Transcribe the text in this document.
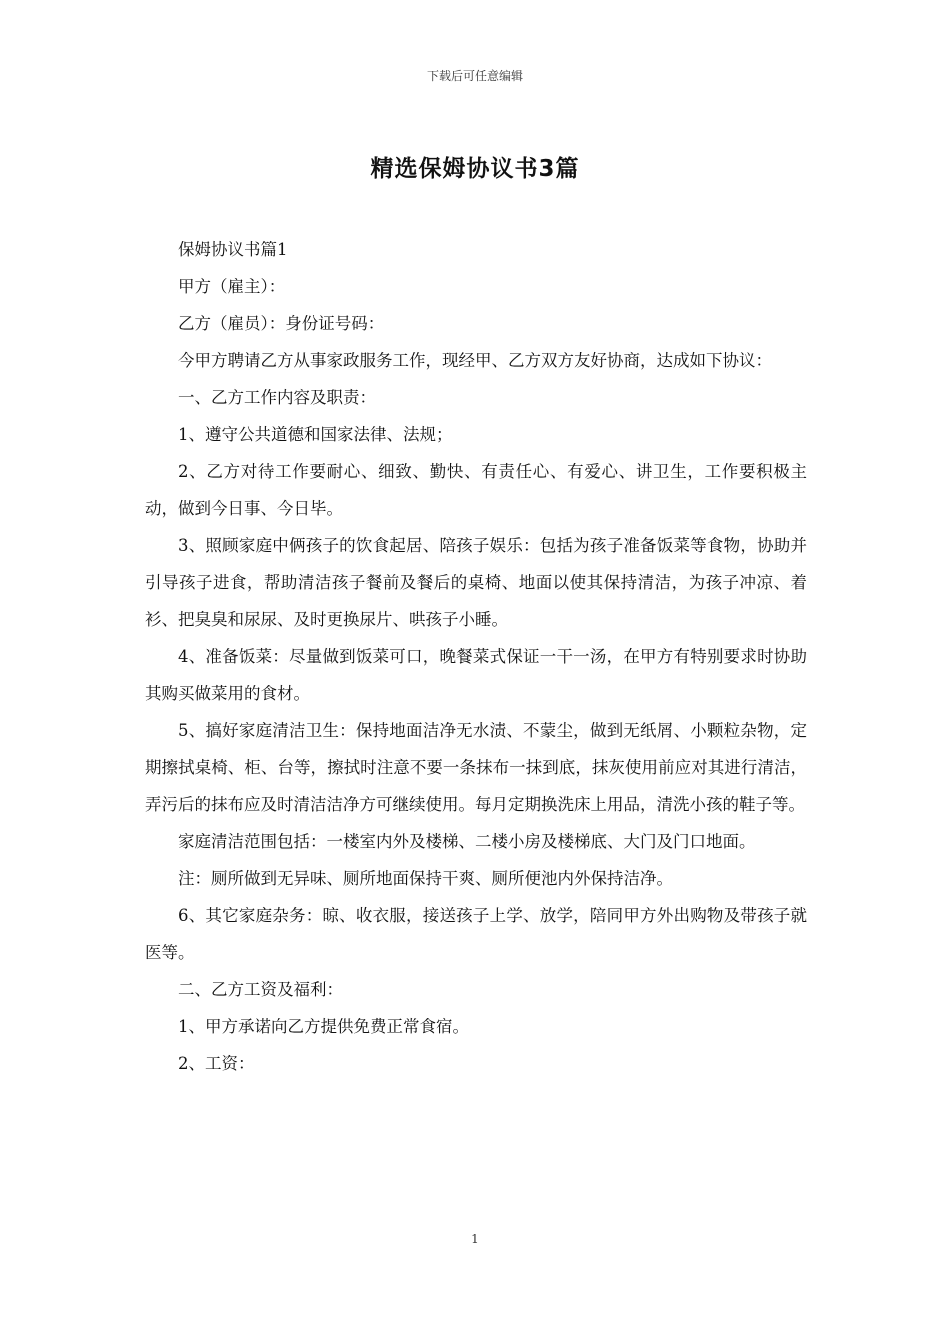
下载后可任意编辑
精选保姆协议书3篇

保姆协议书篇1

甲方（雇主）：

乙方（雇员）：身份证号码：

今甲方聘请乙方从事家政服务工作，现经甲、乙方双方友好协商，达成如下协议：

一、乙方工作内容及职责：

1、遵守公共道德和国家法律、法规；

2、乙方对待工作要耐心、细致、勤快、有责任心、有爱心、讲卫生，工作要积极主动，做到今日事、今日毕。

3、照顾家庭中俩孩子的饮食起居、陪孩子娱乐：包括为孩子准备饭菜等食物，协助并引导孩子进食，帮助清洁孩子餐前及餐后的桌椅、地面以使其保持清洁，为孩子冲凉、着衫、把臭臭和尿尿、及时更换尿片、哄孩子小睡。

4、准备饭菜：尽量做到饭菜可口，晚餐菜式保证一干一汤，在甲方有特别要求时协助其购买做菜用的食材。

5、搞好家庭清洁卫生：保持地面洁净无水渍、不蒙尘，做到无纸屑、小颗粒杂物，定期擦拭桌椅、柜、台等，擦拭时注意不要一条抹布一抹到底，抹灰使用前应对其进行清洁，弄污后的抹布应及时清洁洁净方可继续使用。每月定期换洗床上用品，清洗小孩的鞋子等。

家庭清洁范围包括：一楼室内外及楼梯、二楼小房及楼梯底、大门及门口地面。

注：厕所做到无异味、厕所地面保持干爽、厕所便池内外保持洁净。

6、其它家庭杂务：晾、收衣服，接送孩子上学、放学，陪同甲方外出购物及带孩子就医等。

二、乙方工资及福利：

1、甲方承诺向乙方提供免费正常食宿。

2、工资：

1
